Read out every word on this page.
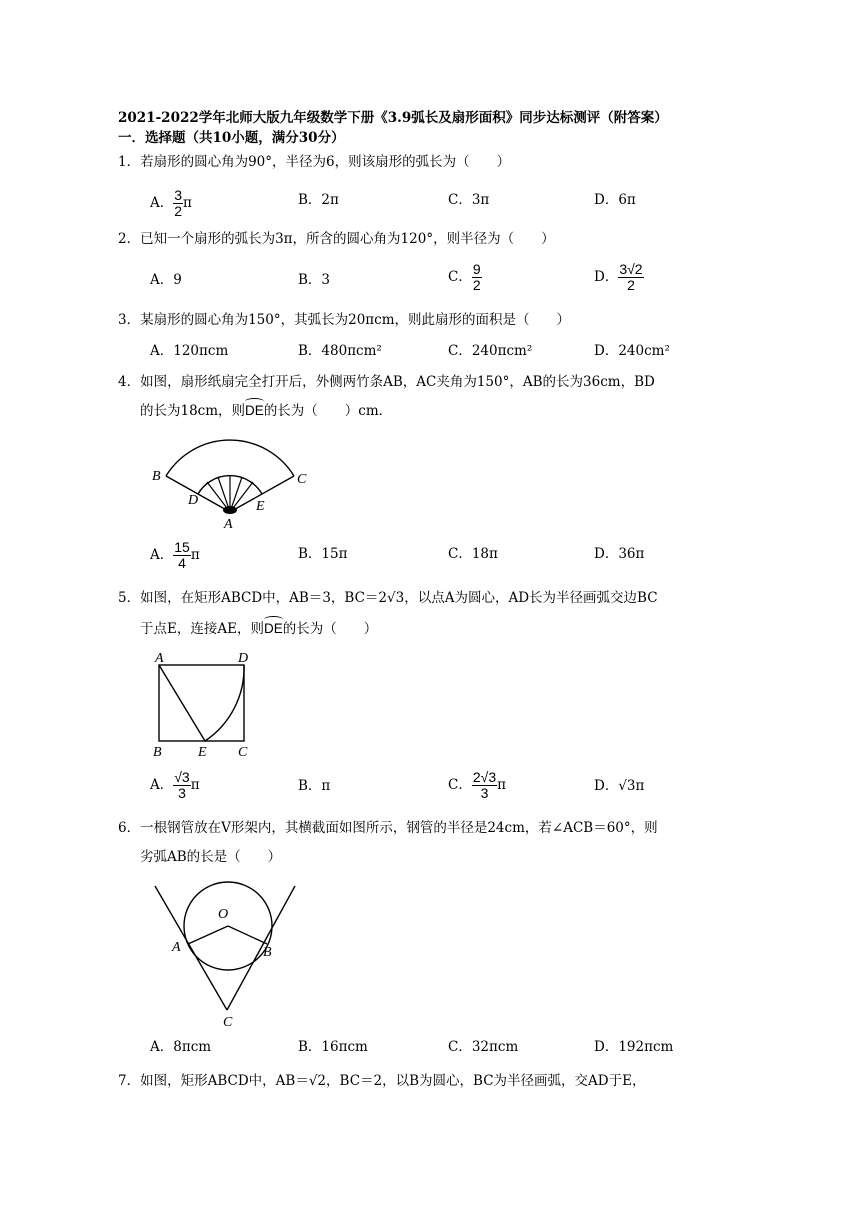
2021-2022学年北师大版九年级数学下册《3.9弧长及扇形面积》同步达标测评（附答案）
一．选择题（共10小题，满分30分）
1．若扇形的圆心角为90°，半径为6，则该扇形的弧长为（　　）
A． $\frac{3}{2}$ π	B．2π	C．3π	D．6π
2．已知一个扇形的弧长为3π，所含的圆心角为120°，则半径为（　　）
A．9	B．3	C． $\frac{9}{2}$	D． $\frac{3√2}{2}$
3．某扇形的圆心角为150°，其弧长为20πcm，则此扇形的面积是（　　）
A．120πcm	B．480πcm²	C．240πcm²	D．240cm²
4．如图，扇形纸扇完全打开后，外侧两竹条AB，AC夹角为150°，AB的长为36cm，BD
的长为18cm，则DE的长为（　　）cm．
B	C
D	E
A
A． $\frac{15}{4}$ π	B．15π	C．18π	D．36π
5．如图，在矩形ABCD中，AB＝3，BC＝2√3，以点A为圆心，AD长为半径画弧交边BC
于点E，连接AE，则DE的长为（　　）
A	D
B	E C
A． $\frac{√3}{3}$ π	B．π	C． $\frac{2√3}{3}$ π	D．√3π
6．一根钢管放在V形架内，其横截面如图所示，钢管的半径是24cm，若∠ACB＝60°，则
劣弧AB的长是（　　）
O
A	B
C
A．8πcm	B．16πcm	C．32πcm	D．192πcm
7．如图，矩形ABCD中，AB＝√2，BC＝2，以B为圆心，BC为半径画弧，交AD于E，
